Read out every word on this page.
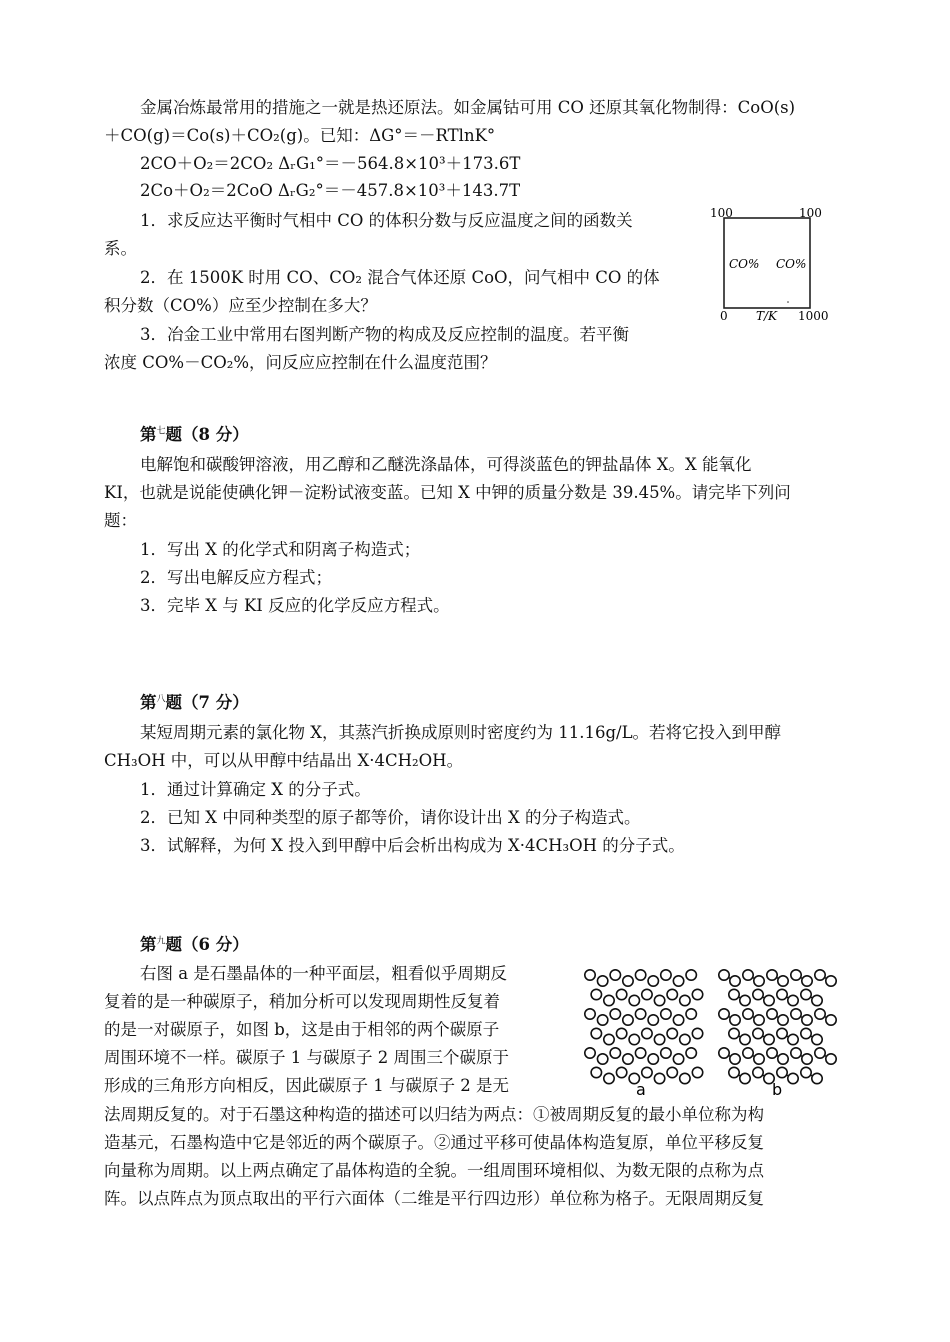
金属冶炼最常用的措施之一就是热还原法。如金属钴可用 CO 还原其氧化物制得：CoO(s)
＋CO(g)＝Co(s)＋CO₂(g)。已知：ΔG°＝－RTlnK°
2CO＋O₂＝2CO₂ ΔᵣG₁°＝－564.8×10³＋173.6T
2Co＋O₂＝2CoO ΔᵣG₂°＝－457.8×10³＋143.7T
1．求反应达平衡时气相中 CO 的体积分数与反应温度之间的函数关
系。
2．在 1500K 时用 CO、CO₂ 混合气体还原 CoO，问气相中 CO 的体
积分数（CO%）应至少控制在多大？
3．冶金工业中常用右图判断产物的构成及反应控制的温度。若平衡
浓度 CO%－CO₂%，问反应应控制在什么温度范围？
100	100
CO% CO%
0 T/K 1000
第$^七$题（8 分）
电解饱和碳酸钾溶液，用乙醇和乙醚洗涤晶体，可得淡蓝色的钾盐晶体 X。X 能氧化
KI，也就是说能使碘化钾－淀粉试液变蓝。已知 X 中钾的质量分数是 39.45%。请完毕下列问
题：
1．写出 X 的化学式和阴离子构造式；
2．写出电解反应方程式；
3．完毕 X 与 KI 反应的化学反应方程式。
第$^八$题（7 分）
某短周期元素的氯化物 X，其蒸汽折换成原则时密度约为 11.16g/L。若将它投入到甲醇
CH₃OH 中，可以从甲醇中结晶出 X·4CH₂OH。
1．通过计算确定 X 的分子式。
2．已知 X 中同种类型的原子都等价，请你设计出 X 的分子构造式。
3．试解释，为何 X 投入到甲醇中后会析出构成为 X·4CH₃OH 的分子式。
第$^九$题（6 分）
右图 a 是石墨晶体的一种平面层，粗看似乎周期反
复着的是一种碳原子，稍加分析可以发现周期性反复着
的是一对碳原子，如图 b，这是由于相邻的两个碳原子
周围环境不一样。碳原子 1 与碳原子 2 周围三个碳原于
形成的三角形方向相反，因此碳原子 1 与碳原子 2 是无
法周期反复的。对于石墨这种构造的描述可以归结为两点：①被周期反复的最小单位称为构
造基元，石墨构造中它是邻近的两个碳原子。②通过平移可使晶体构造复原，单位平移反复
向量称为周期。以上两点确定了晶体构造的全貌。一组周围环境相似、为数无限的点称为点
阵。以点阵点为顶点取出的平行六面体（二维是平行四边形）单位称为格子。无限周期反复
a	b
